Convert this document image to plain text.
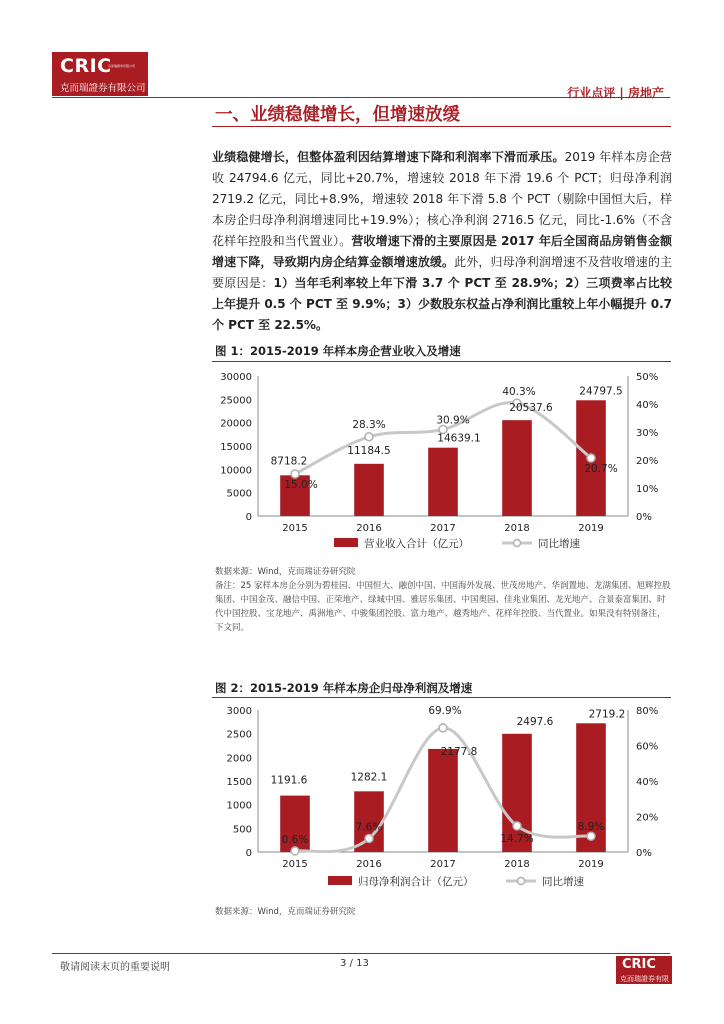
CRIC
克而瑞證券有限公司
克而瑞證券有限公司	行业点评 | 房地产
一、业绩稳健增长，但增速放缓
业绩稳健增长，但整体盈利因结算增速下降和利润率下滑而承压。2019 年样本房企营收 24794.6 亿元，同比+20.7%，增速较 2018 年下滑 19.6 个 PCT；归母净利润 2719.2 亿元，同比+8.9%，增速较 2018 年下滑 5.8 个 PCT（剔除中国恒大后，样本房企归母净利润增速同比+19.9%）；核心净利润 2716.5 亿元，同比-1.6%（不含花样年控股和当代置业）。营收增速下滑的主要原因是 2017 年后全国商品房销售金额增速下降，导致期内房企结算金额增速放缓。此外，归母净利润增速不及营收增速的主要原因是：1）当年毛利率较上年下滑 3.7 个 PCT 至 28.9%；2）三项费率占比较上年提升 0.5 个 PCT 至 9.9%；3）少数股东权益占净利润比重较上年小幅提升 0.7 个 PCT 至 22.5%。
图 1：2015-2019 年样本房企营业收入及增速
0
5000
10000
15000
20000
25000
30000
0%
10%
20%
30%
40%
50%
2015	2016	2017	2018	2019
8718.2
15.0%
11184.5
28.3%
14639.1
30.9%
20537.6
40.3%	24797.5
20.7%
营业收入合计（亿元）	同比增速
数据来源：Wind，克而瑞证券研究院
备注：25 家样本房企分别为碧桂园、中国恒大、融创中国、中国海外发展、世茂房地产、华润置地、龙湖集团、旭辉控股集团、中国金茂、融信中国、正荣地产、绿城中国、雅居乐集团、中国奥园、佳兆业集团、龙光地产、合景泰富集团、时代中国控股、宝龙地产、禹洲地产、中骏集团控股、富力地产、越秀地产、花样年控股、当代置业。如果没有特别备注，下文同。
图 2：2015-2019 年样本房企归母净利润及增速
0
500
1000
1500
2000
2500
3000
0%
20%
40%
60%
80%
2015	2016	2017	2018	2019
1191.6
0.6%
1282.1
7.6%
2177.8
69.9%
2497.6
14.7%
2719.2
8.9%
归母净利润合计（亿元）	同比增速
数据来源：Wind，克而瑞证券研究院
敬请阅读末页的重要说明	3 / 13	CRIC
克而瑞證券有限公司
